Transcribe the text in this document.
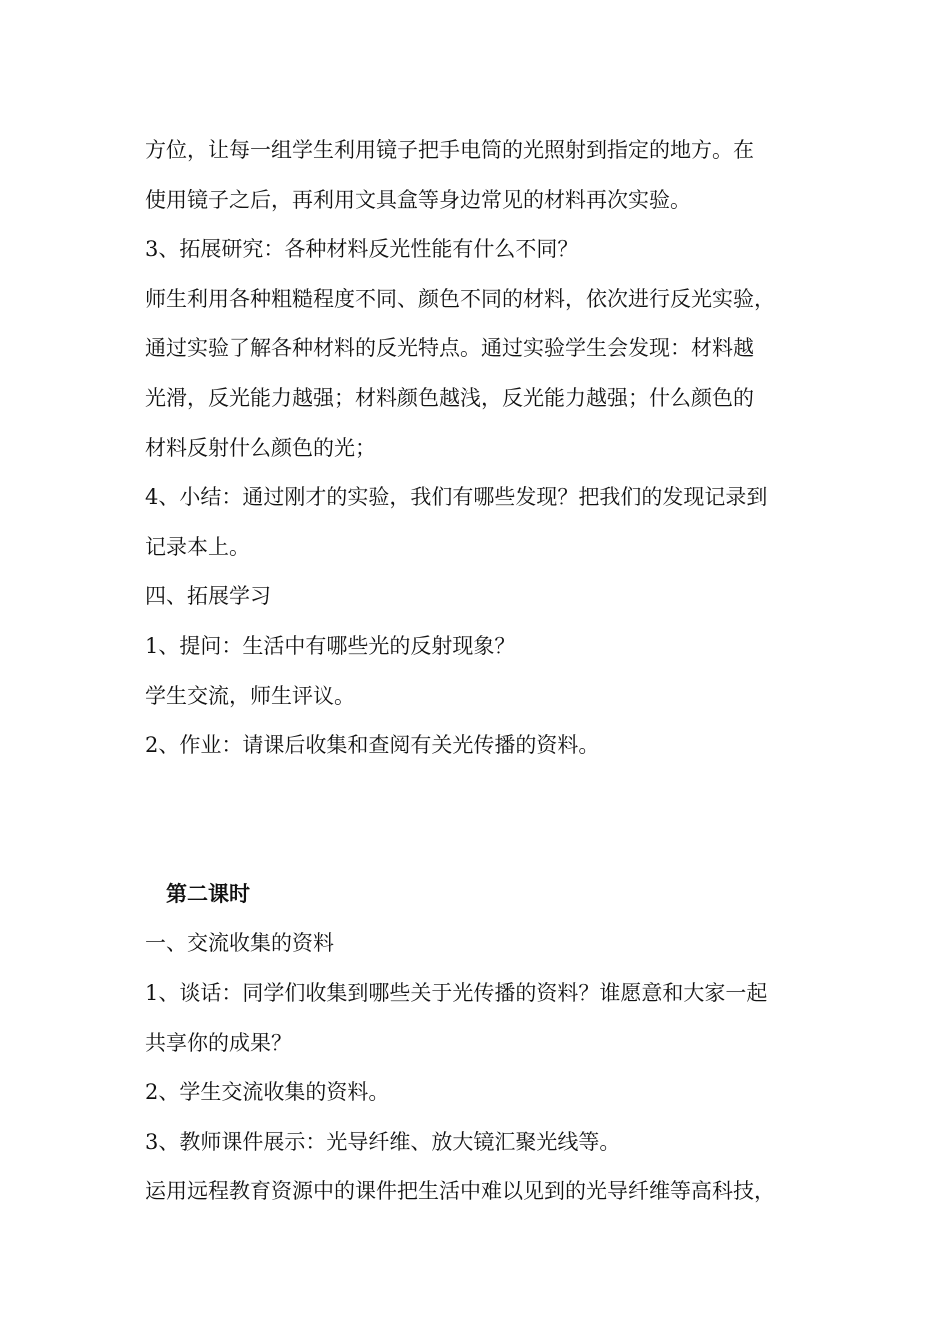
方位，让每一组学生利用镜子把手电筒的光照射到指定的地方。在
使用镜子之后，再利用文具盒等身边常见的材料再次实验。
3、拓展研究：各种材料反光性能有什么不同？
师生利用各种粗糙程度不同、颜色不同的材料，依次进行反光实验，
通过实验了解各种材料的反光特点。通过实验学生会发现：材料越
光滑，反光能力越强；材料颜色越浅，反光能力越强；什么颜色的
材料反射什么颜色的光；
4、小结：通过刚才的实验，我们有哪些发现？把我们的发现记录到
记录本上。
四、拓展学习
1、提问：生活中有哪些光的反射现象？
学生交流，师生评议。
2、作业：请课后收集和查阅有关光传播的资料。
第二课时
一、交流收集的资料
1、谈话：同学们收集到哪些关于光传播的资料？谁愿意和大家一起
共享你的成果？
2、学生交流收集的资料。
3、教师课件展示：光导纤维、放大镜汇聚光线等。
运用远程教育资源中的课件把生活中难以见到的光导纤维等高科技，
